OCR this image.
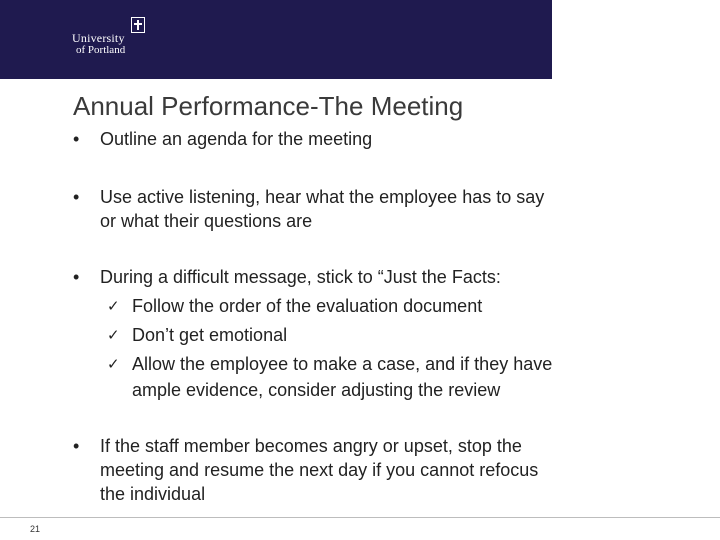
University
of Portland
Annual Performance-The Meeting
• Outline an agenda for the meeting
• Use active listening, hear what the employee has to say
or what their questions are
• During a difficult message, stick to “Just the Facts:
✓ Follow the order of the evaluation document
✓ Don’t get emotional
✓ Allow the employee to make a case, and if they have
ample evidence, consider adjusting the review
• If the staff member becomes angry or upset, stop the
meeting and resume the next day if you cannot refocus
the individual
21
